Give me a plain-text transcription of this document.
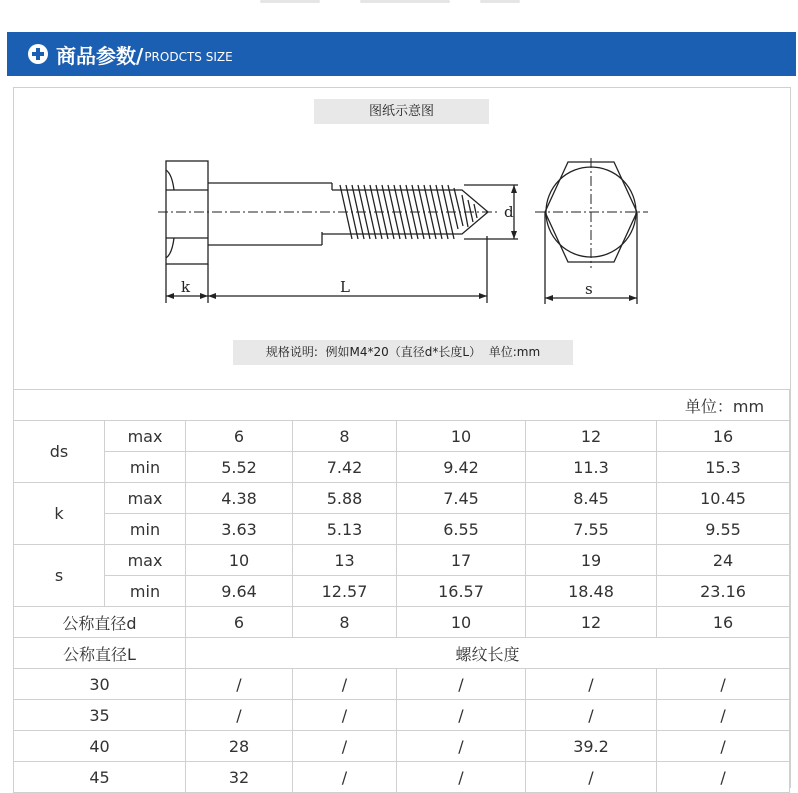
商品参数/ PRODCTS SIZE
图纸示意图
k	L
d
s
规格说明:  例如M4*20（直径d*长度L）  单位:mm
单位：mm						
ds	max	6	8	10	12	16
	min	5.52	7.42	9.42	11.3	15.3
k	max	4.38	5.88	7.45	8.45	10.45
	min	3.63	5.13	6.55	7.55	9.55
s	max	10	13	17	19	24
	min	9.64	12.57	16.57	18.48	23.16
公称直径d		6	8	10	12	16
公称直径L		螺纹长度				
30		/	/	/	/	/
35		/	/	/	/	/
40		28	/	/	39.2	/
45		32	/	/	/	/
